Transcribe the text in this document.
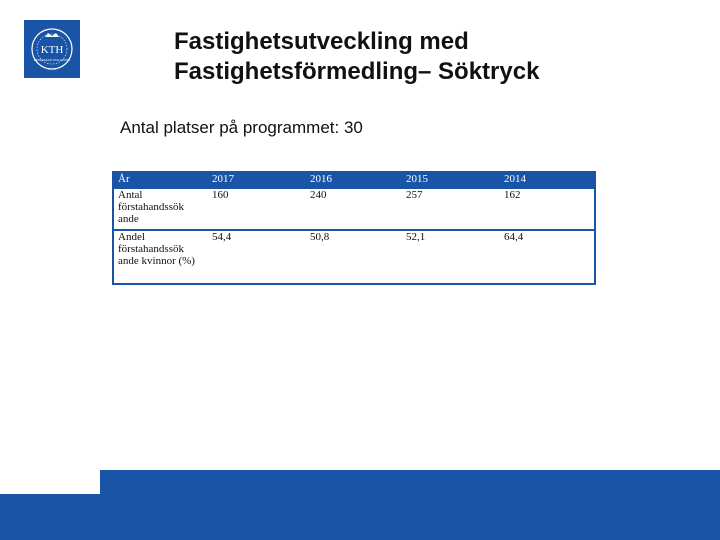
KTH
VETENSKAP OCH KONST
Fastighetsutveckling med
Fastighetsförmedling– Söktryck
Antal platser på programmet: 30
År	2017	2016	2015	2014
Antal förstahandssök ande	160	240	257	162
Andel förstahandssök ande kvinnor (%)	54,4	50,8	52,1	64,4
